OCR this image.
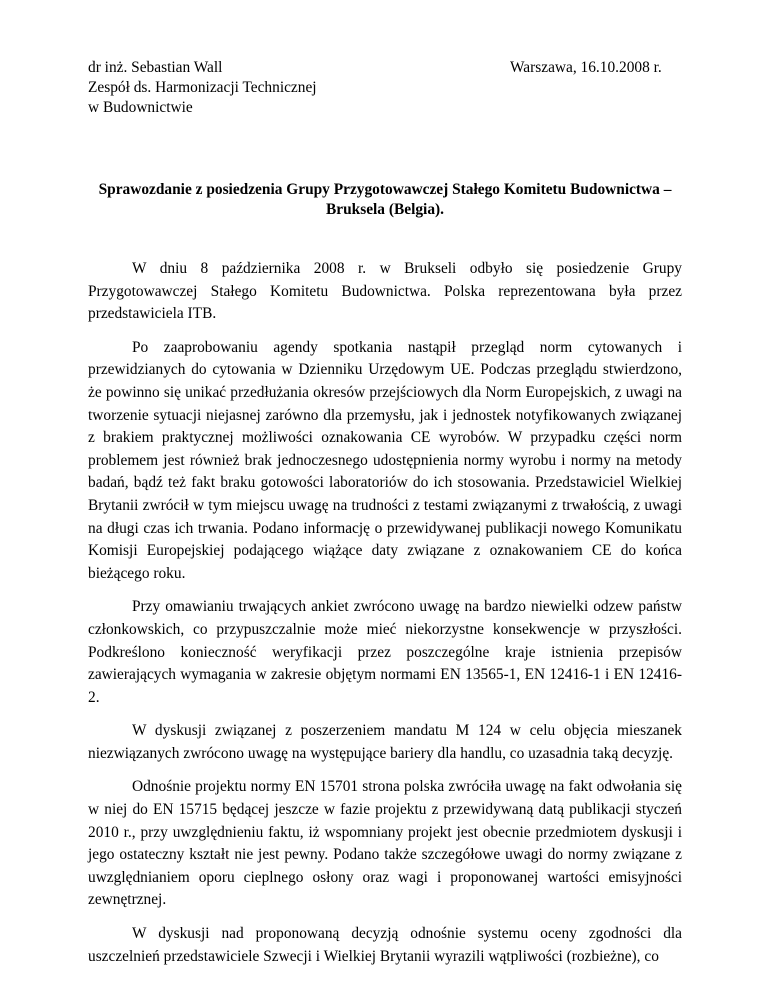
dr inż. Sebastian Wall
Zespół ds. Harmonizacji Technicznej
w Budownictwie
Warszawa, 16.10.2008 r.
Sprawozdanie z posiedzenia Grupy Przygotowawczej Stałego Komitetu Budownictwa –
Bruksela (Belgia).

W dniu 8 października 2008 r. w Brukseli odbyło się posiedzenie Grupy Przygotowawczej Stałego Komitetu Budownictwa. Polska reprezentowana była przez przedstawiciela ITB.

Po zaaprobowaniu agendy spotkania nastąpił przegląd norm cytowanych i przewidzianych do cytowania w Dzienniku Urzędowym UE. Podczas przeglądu stwierdzono, że powinno się unikać przedłużania okresów przejściowych dla Norm Europejskich, z uwagi na tworzenie sytuacji niejasnej zarówno dla przemysłu, jak i jednostek notyfikowanych związanej z brakiem praktycznej możliwości oznakowania CE wyrobów. W przypadku części norm problemem jest również brak jednoczesnego udostępnienia normy wyrobu i normy na metody badań, bądź też fakt braku gotowości laboratoriów do ich stosowania. Przedstawiciel Wielkiej Brytanii zwrócił w tym miejscu uwagę na trudności z testami związanymi z trwałością, z uwagi na długi czas ich trwania. Podano informację o przewidywanej publikacji nowego Komunikatu Komisji Europejskiej podającego wiążące daty związane z oznakowaniem CE do końca bieżącego roku.

Przy omawianiu trwających ankiet zwrócono uwagę na bardzo niewielki odzew państw członkowskich, co przypuszczalnie może mieć niekorzystne konsekwencje w przyszłości. Podkreślono konieczność weryfikacji przez poszczególne kraje istnienia przepisów zawierających wymagania w zakresie objętym normami EN 13565-1, EN 12416-1 i EN 12416-2.

W dyskusji związanej z poszerzeniem mandatu M 124 w celu objęcia mieszanek niezwiązanych zwrócono uwagę na występujące bariery dla handlu, co uzasadnia taką decyzję.

Odnośnie projektu normy EN 15701 strona polska zwróciła uwagę na fakt odwołania się w niej do EN 15715 będącej jeszcze w fazie projektu z przewidywaną datą publikacji styczeń 2010 r., przy uwzględnieniu faktu, iż wspomniany projekt jest obecnie przedmiotem dyskusji i jego ostateczny kształt nie jest pewny. Podano także szczegółowe uwagi do normy związane z uwzględnianiem oporu cieplnego osłony oraz wagi i proponowanej wartości emisyjności zewnętrznej.

W dyskusji nad proponowaną decyzją odnośnie systemu oceny zgodności dla uszczelnień przedstawiciele Szwecji i Wielkiej Brytanii wyrazili wątpliwości (rozbieżne), co
